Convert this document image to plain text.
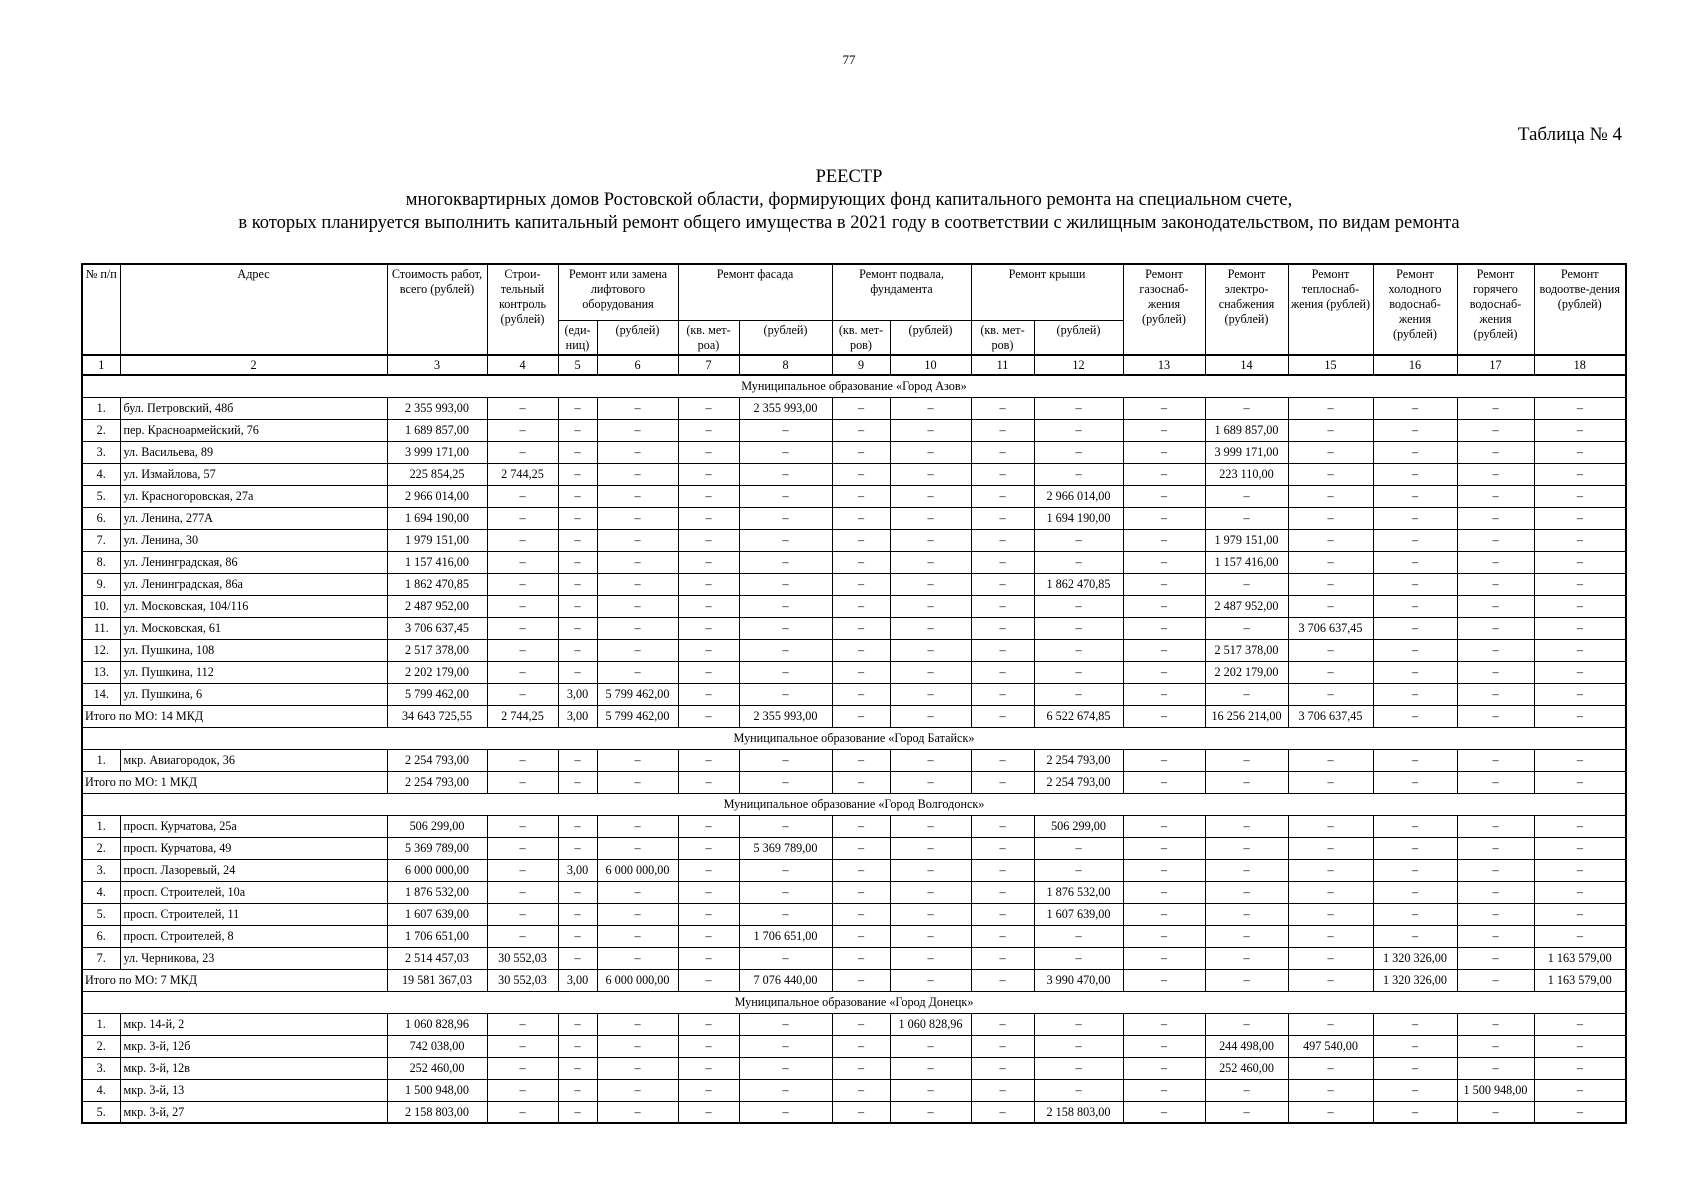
77
Таблица № 4
РЕЕСТР
многоквартирных домов Ростовской области, формирующих фонд капитального ремонта на специальном счете,
в которых планируется выполнить капитальный ремонт общего имущества в 2021 году в соответствии с жилищным законодательством, по видам ремонта
№ п/п	Адрес	Стоимость работ, всего (рублей)	Строи-тельный контроль (рублей)	Ремонт или замена лифтового оборудования		Ремонт фасада		Ремонт подвала, фундамента		Ремонт крыши		Ремонт газоснаб-жения (рублей)	Ремонт электро-снабжения (рублей)	Ремонт теплоснаб-жения (рублей)	Ремонт холодного водоснаб-жения (рублей)	Ремонт горячего водоснаб-жения (рублей)	Ремонт водоотве-дения (рублей)
				(еди-ниц)	(рублей)	(кв. мет-роа)	(рублей)	(кв. мет-ров)	(рублей)	(кв. мет-ров)	(рублей)						
1	2	3	4	5	6	7	8	9	10	11	12	13	14	15	16	17	18
Муниципальное образование «Город Азов»																	
1.	бул. Петровский, 48б	2 355 993,00	–	–	–	–	2 355 993,00	–	–	–	–	–	–	–	–	–	–
2.	пер. Красноармейский, 76	1 689 857,00	–	–	–	–	–	–	–	–	–	–	1 689 857,00	–	–	–	–
3.	ул. Васильева, 89	3 999 171,00	–	–	–	–	–	–	–	–	–	–	3 999 171,00	–	–	–	–
4.	ул. Измайлова, 57	225 854,25	2 744,25	–	–	–	–	–	–	–	–	–	223 110,00	–	–	–	–
5.	ул. Красногоровская, 27а	2 966 014,00	–	–	–	–	–	–	–	–	2 966 014,00	–	–	–	–	–	–
6.	ул. Ленина, 277А	1 694 190,00	–	–	–	–	–	–	–	–	1 694 190,00	–	–	–	–	–	–
7.	ул. Ленина, 30	1 979 151,00	–	–	–	–	–	–	–	–	–	–	1 979 151,00	–	–	–	–
8.	ул. Ленинградская, 86	1 157 416,00	–	–	–	–	–	–	–	–	–	–	1 157 416,00	–	–	–	–
9.	ул. Ленинградская, 86а	1 862 470,85	–	–	–	–	–	–	–	–	1 862 470,85	–	–	–	–	–	–
10.	ул. Московская, 104/116	2 487 952,00	–	–	–	–	–	–	–	–	–	–	2 487 952,00	–	–	–	–
11.	ул. Московская, 61	3 706 637,45	–	–	–	–	–	–	–	–	–	–	–	3 706 637,45	–	–	–
12.	ул. Пушкина, 108	2 517 378,00	–	–	–	–	–	–	–	–	–	–	2 517 378,00	–	–	–	–
13.	ул. Пушкина, 112	2 202 179,00	–	–	–	–	–	–	–	–	–	–	2 202 179,00	–	–	–	–
14.	ул. Пушкина, 6	5 799 462,00	–	3,00	5 799 462,00	–	–	–	–	–	–	–	–	–	–	–	–
Итого по МО: 14 МКД		34 643 725,55	2 744,25	3,00	5 799 462,00	–	2 355 993,00	–	–	–	6 522 674,85	–	16 256 214,00	3 706 637,45	–	–	–
Муниципальное образование «Город Батайск»																	
1.	мкр. Авиагородок, 36	2 254 793,00	–	–	–	–	–	–	–	–	2 254 793,00	–	–	–	–	–	–
Итого по МО: 1 МКД		2 254 793,00	–	–	–	–	–	–	–	–	2 254 793,00	–	–	–	–	–	–
Муниципальное образование «Город Волгодонск»																	
1.	просп. Курчатова, 25а	506 299,00	–	–	–	–	–	–	–	–	506 299,00	–	–	–	–	–	–
2.	просп. Курчатова, 49	5 369 789,00	–	–	–	–	5 369 789,00	–	–	–	–	–	–	–	–	–	–
3.	просп. Лазоревый, 24	6 000 000,00	–	3,00	6 000 000,00	–	–	–	–	–	–	–	–	–	–	–	–
4.	просп. Строителей, 10а	1 876 532,00	–	–	–	–	–	–	–	–	1 876 532,00	–	–	–	–	–	–
5.	просп. Строителей, 11	1 607 639,00	–	–	–	–	–	–	–	–	1 607 639,00	–	–	–	–	–	–
6.	просп. Строителей, 8	1 706 651,00	–	–	–	–	1 706 651,00	–	–	–	–	–	–	–	–	–	–
7.	ул. Черникова, 23	2 514 457,03	30 552,03	–	–	–	–	–	–	–	–	–	–	–	1 320 326,00	–	1 163 579,00
Итого по МО: 7 МКД		19 581 367,03	30 552,03	3,00	6 000 000,00	–	7 076 440,00	–	–	–	3 990 470,00	–	–	–	1 320 326,00	–	1 163 579,00
Муниципальное образование «Город Донецк»																	
1.	мкр. 14-й, 2	1 060 828,96	–	–	–	–	–	–	1 060 828,96	–	–	–	–	–	–	–	–
2.	мкр. 3-й, 12б	742 038,00	–	–	–	–	–	–	–	–	–	–	244 498,00	497 540,00	–	–	–
3.	мкр. 3-й, 12в	252 460,00	–	–	–	–	–	–	–	–	–	–	252 460,00	–	–	–	–
4.	мкр. 3-й, 13	1 500 948,00	–	–	–	–	–	–	–	–	–	–	–	–	–	1 500 948,00	–
5.	мкр. 3-й, 27	2 158 803,00	–	–	–	–	–	–	–	–	2 158 803,00	–	–	–	–	–	–
